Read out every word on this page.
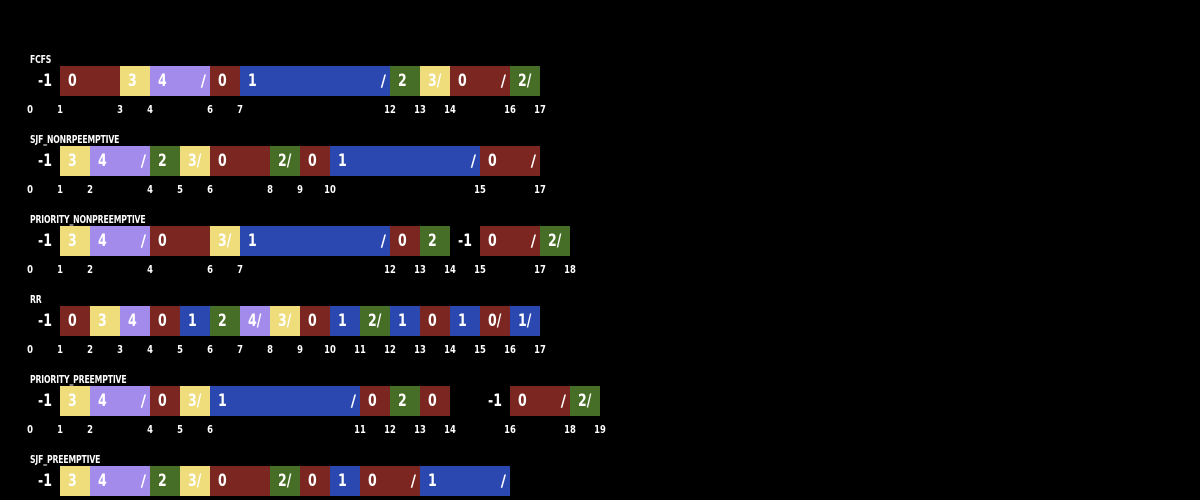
FCFS
-1 0	3	4 / 0	1	/ 2	3/ 0 / 2/
0 1	3 4	6 7	12 13 14	16 17
SJF_NONRPEEMPTIVE
-1 3	4 / 2	3/ 0	2/ 0	1	/ 0 /
0 1 2	4 5 6	8 9 10	15	17
PRIORITY_NONPREEMPTIVE
-1 3	4 / 0	3/ 1	/ 0	2	-1 0 / 2/
0 1 2	4	6 7	12 13 14 15	17 18
RR
-1 0	3	4	0	1	2	4/ 3/ 0	1	2/ 1	0	1	0/ 1/
0 1 2 3 4 5 6 7 8 9 10 11 12 13 14 15 16 17
PRIORITY_PREEMPTIVE
-1 3	4 / 0	3/ 1	/ 0	2	0	-1 0 / 2/
0 1 2	4 5 6	11 12 13 14	16	18 19
SJF_PREEMPTIVE
-1 3	4 / 2	3/ 0	2/ 0	1	0 / 1	/
